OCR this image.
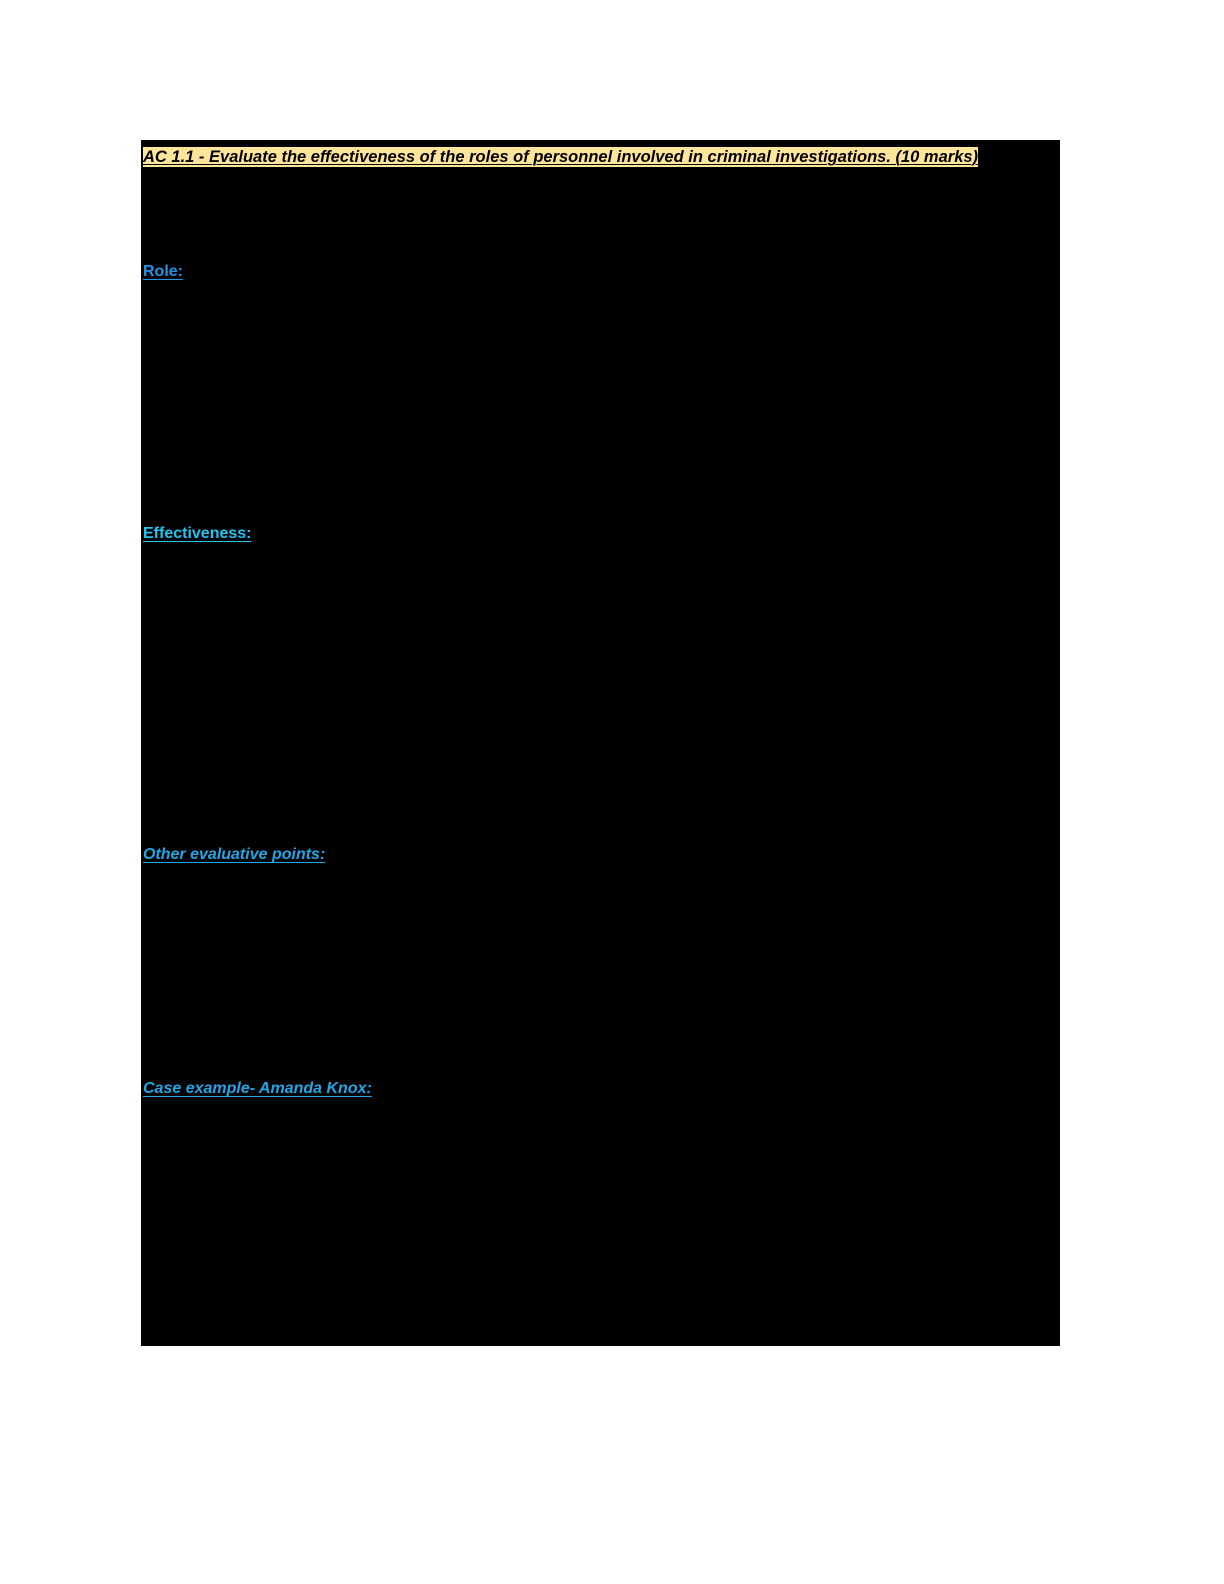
AC 1.1 - Evaluate the effectiveness of the roles of personnel involved in criminal investigations. (10 marks)
Role:
Effectiveness:
Other evaluative points:
Case example- Amanda Knox:
